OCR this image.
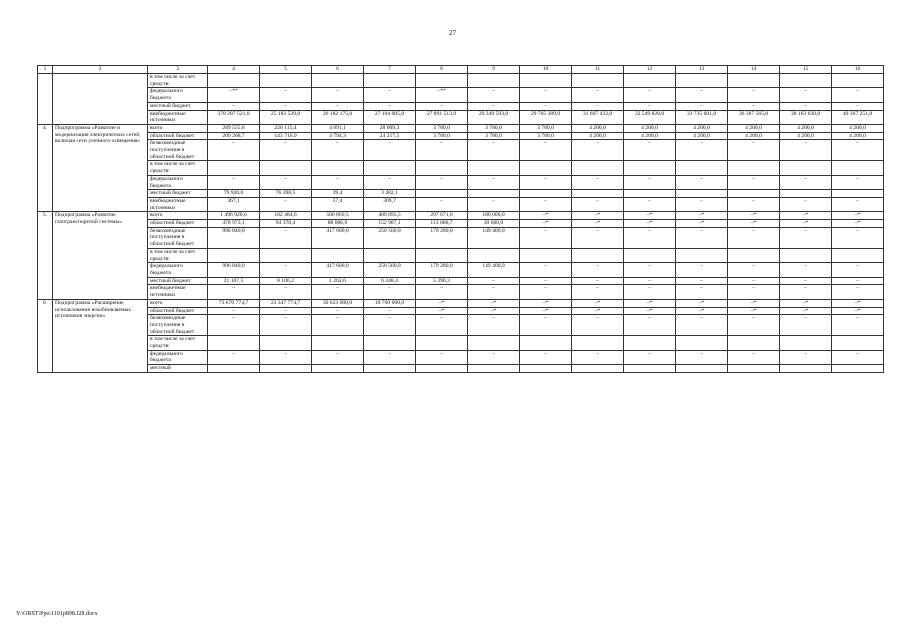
27
1	2	3	4	5	6	7	8	9	10	11	12	13	14	15	16
		в том числе за счет средств:													
		федерального бюджета	–**	–	–	–	–**	–	–	–	–	–	–	–	–
		местный бюджет	–	–	–	–	–	–	–	–	–	–	–	–	–
		внебюджетные источники	378 287 521,0	25 183 539,0	26 182 175,0	27 104 005,0	27 891 513,0	29 349 593,0	29 765 389,0	31 607 432,0	32 549 828,0	33 735 601,0	36 387 565,0	38 163 630,0	40 367 251,0
4.	Подпрограмма «Развитие и модернизация электрических сетей, включая сети уличного освещения»	всего	289 555,8	220 115,4	4 891,1	28 009,3	3 780,0	3 780,0	3 780,0	4 200,0	4 200,0	4 200,0	4 200,0	4 200,0	4 200,0
		областной бюджет	209 268,7	143 716,9	4 794,3	24 217,5	3 780,0	3 780,0	3 780,0	4 200,0	4 200,0	4 200,0	4 200,0	4 200,0	4 200,0
		безвозмездные поступления в областной бюджет	–	–	–	–	–	–	–	–	–	–	–	–	–
		в том числе за счет средств:													
		федерального бюджета	–	–	–	–	–	–	–	–	–	–	–	–	–
		местный бюджет	79 920,0	76 398,5	39,4	3 482,1									
		внебюджетные источники	367,1	–	57,4	309,7	–	–	–	–	–	–	–	–	–
5.	Подпрограмма «Развитие газотранспортной системы»	всего	1 496 920,6	102 484,6	506 869,5	409 895,5	297 671,0	180 000,0	–*	–*	–*	–*	–*	–*	–*
		областной бюджет	478 973,1	94 378,4	88 006,9	152 987,1	113 000,7	30 600,0	–*	–*	–*	–*	–*	–*	–*
		безвозмездные поступления в областной бюджет	996 840,0	–	417 600,0	250 560,0	179 280,0	149 400,0	–	–	–	–	–	–	–
		в том числе за счет средств:													
		федерального бюджета	996 840,0	–	417 600,0	250 560,0	179 280,0	149 400,0	–	–	–	–	–	–	–
		местный бюджет	21 107,5	8 106,2	1 262,6	6 348,4	5 390,3	–	–	–	–	–	–	–	–
		внебюджетные источники	–	–	–	–	–	–	–	–	–	–	–	–	–
6.	Подпрограмма «Расширение использования возобновляемых источников энергии»	всего	73 670 774,7	23 347 774,7	30 623 000,0	19 700 000,0	–*	–*	–*	–*	–*	–*	–*	–*	–*
		областной бюджет	–	–	–	–	–*	–*	–*	–*	–*	–*	–*	–*	–*
		безвозмездные поступления в областной бюджет	–	–	–	–	–	–	–	–	–	–	–	–	–
		в том числе за счет средств:													
		федерального бюджета	–	–	–	–	–	–	–	–	–	–	–	–	–
		местный													
Y:\ORST\Ppo\1101p898.f28.docx
